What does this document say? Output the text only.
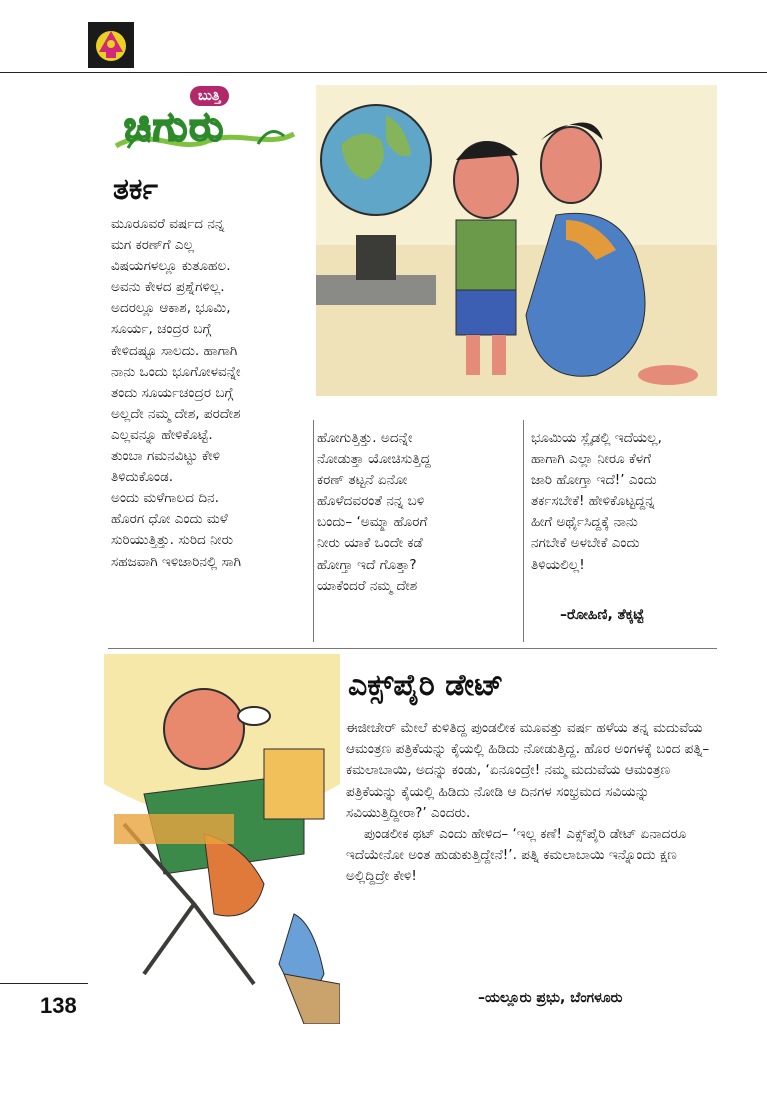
ಬುತ್ತಿ
ಚಿಗುರು
ತರ್ಕ
ಮೂರೂವರೆ ವರ್ಷದ ನನ್ನ
ಮಗ ಕರಣ್‌ಗೆ ಎಲ್ಲ
ವಿಷಯಗಳಲ್ಲೂ ಕುತೂಹಲ.
ಅವನು ಕೇಳದ ಪ್ರಶ್ನೆಗಳಿಲ್ಲ.
ಅದರಲ್ಲೂ ಆಕಾಶ, ಭೂಮಿ,
ಸೂರ್ಯ, ಚಂದ್ರರ ಬಗ್ಗೆ
ಕೇಳಿದಷ್ಟೂ ಸಾಲದು. ಹಾಗಾಗಿ
ನಾನು ಒಂದು ಭೂಗೋಳವನ್ನೇ
ತಂದು ಸೂರ್ಯಚಂದ್ರರ ಬಗ್ಗೆ
ಅಲ್ಲದೇ ನಮ್ಮ ದೇಶ, ಪರದೇಶ
ಎಲ್ಲವನ್ನೂ ಹೇಳಿಕೊಟ್ಟೆ.
ತುಂಬಾ ಗಮನವಿಟ್ಟು ಕೇಳಿ
ತಿಳಿದುಕೊಂಡ.
ಅಂದು ಮಳೆಗಾಲದ ದಿನ.
ಹೊರಗ ಧೋ ಎಂದು ಮಳೆ
ಸುರಿಯುತ್ತಿತ್ತು. ಸುರಿದ ನೀರು
ಸಹಜವಾಗಿ ಇಳಿಜಾರಿನಲ್ಲಿ ಸಾಗಿ
ಹೋಗುತ್ತಿತ್ತು. ಅದನ್ನೇ
ನೋಡುತ್ತಾ ಯೋಚಿಸುತ್ತಿದ್ದ
ಕರಣ್ ತಟ್ಟನೆ ಏನೋ
ಹೊಳೆದವರಂತೆ ನನ್ನ ಬಳಿ
ಬಂದು– ‘ಅಮ್ಮಾ ಹೊರಗೆ
ನೀರು ಯಾಕೆ ಒಂದೇ ಕಡೆ
ಹೋಗ್ತಾ ಇದೆ ಗೊತ್ತಾ?
ಯಾಕೆಂದರೆ ನಮ್ಮ ದೇಶ
ಭೂಮಿಯ ಸ್ಲೈಡಲ್ಲಿ ಇದೆಯಲ್ಲ,
ಹಾಗಾಗಿ ಎಲ್ಲಾ ನೀರೂ ಕೆಳಗೆ
ಜಾರಿ ಹೋಗ್ತಾ ಇದೆ!’ ಎಂದು
ತರ್ಕಸಬೇಕೆ! ಹೇಳಿಕೊಟ್ಟದ್ದನ್ನ
ಹೀಗೆ ಅರ್ಥೈಸಿದ್ದಕ್ಕೆ ನಾನು
ನಗಬೇಕೆ ಅಳಬೇಕೆ ಎಂದು
ತಿಳಿಯಲಿಲ್ಲ!
–ರೋಹಿಣಿ, ತೆಕ್ಕಟ್ಟೆ
ಎಕ್ಸ್‌ಪೈರಿ ಡೇಟ್

ಈಜೀಚೇರ್ ಮೇಲೆ ಕುಳಿತಿದ್ದ ಪುಂಡಲೀಕ ಮೂವತ್ತು ವರ್ಷ ಹಳೆಯ ತನ್ನ ಮದುವೆಯ ಆಮಂತ್ರಣ ಪತ್ರಿಕೆಯನ್ನು ಕೈಯಲ್ಲಿ ಹಿಡಿದು ನೋಡುತ್ತಿದ್ದ. ಹೊರ ಅಂಗಳಕ್ಕೆ ಬಂದ ಪತ್ನಿ– ಕಮಲಾಬಾಯಿ, ಅದನ್ನು ಕಂಡು, ‘ಏನೂಂದ್ರೇ! ನಮ್ಮ ಮದುವೆಯ ಆಮಂತ್ರಣ ಪತ್ರಿಕೆಯನ್ನು ಕೈಯಲ್ಲಿ ಹಿಡಿದು ನೋಡಿ ಆ ದಿನಗಳ ಸಂಭ್ರಮದ ಸವಿಯನ್ನು ಸವಿಯುತ್ತಿದ್ದೀರಾ?’ ಎಂದರು.

ಪುಂಡಲೀಕ ಥಟ್ ಎಂದು ಹೇಳಿದ– ‘ಇಲ್ಲ ಕಣೆ! ಎಕ್ಸ್‌ಪೈರಿ ಡೇಟ್ ಏನಾದರೂ ಇದೆಯೇನೋ ಅಂತ ಹುಡುಕುತ್ತಿದ್ದೇನೆ!’. ಪತ್ನಿ ಕಮಲಾಬಾಯಿ ಇನ್ನೊಂದು ಕ್ಷಣ ಅಲ್ಲಿದ್ದಿದ್ರೇ ಕೇಳಿ!

–ಯಲ್ಲೂರು ಪ್ರಭು, ಬೆಂಗಳೂರು
138
